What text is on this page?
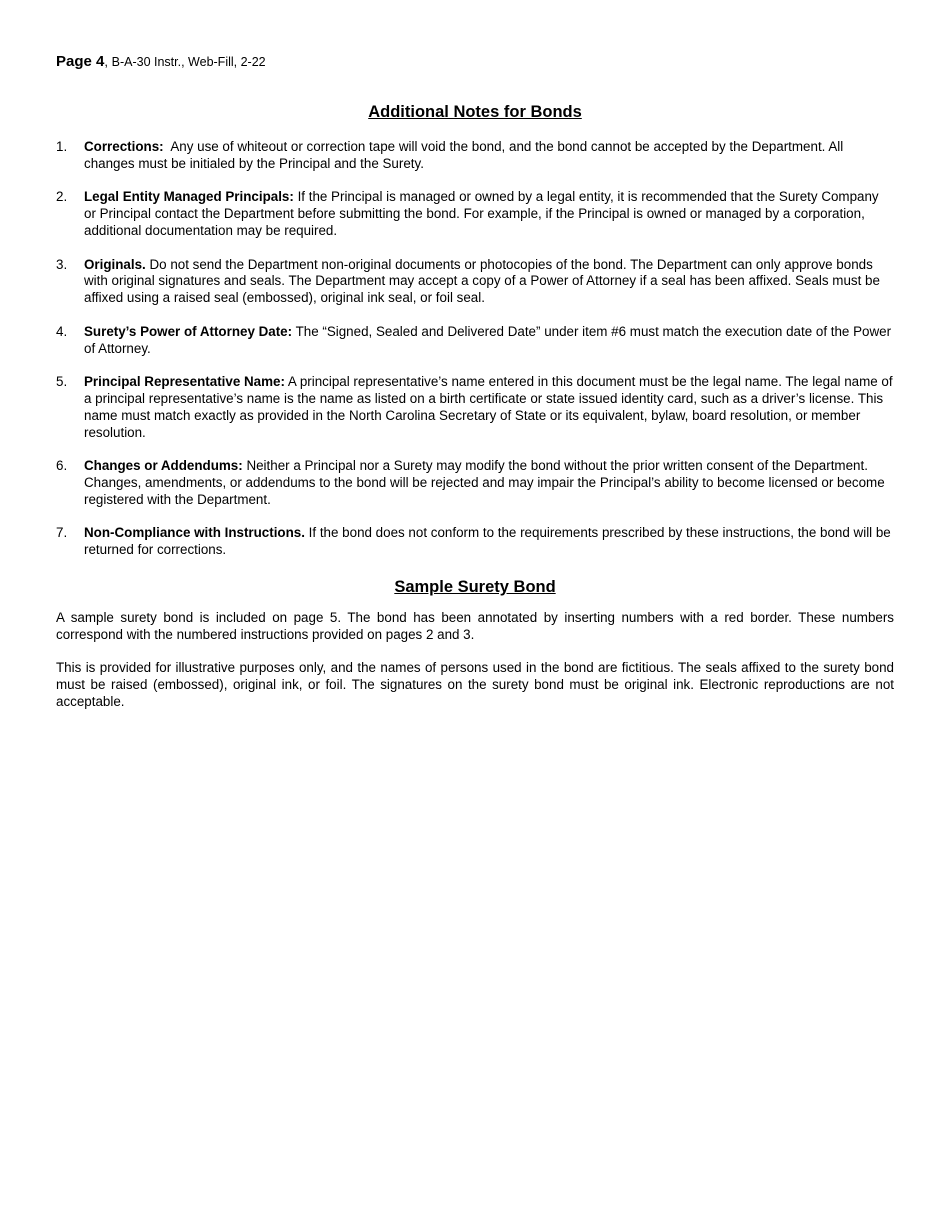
Page 4, B-A-30 Instr., Web-Fill, 2-22

Additional Notes for Bonds
1. Corrections:  Any use of whiteout or correction tape will void the bond, and the bond cannot be accepted by the Department. All changes must be initialed by the Principal and the Surety.
2. Legal Entity Managed Principals: If the Principal is managed or owned by a legal entity, it is recommended that the Surety Company or Principal contact the Department before submitting the bond. For example, if the Principal is owned or managed by a corporation, additional documentation may be required.
3. Originals. Do not send the Department non-original documents or photocopies of the bond. The Department can only approve bonds with original signatures and seals. The Department may accept a copy of a Power of Attorney if a seal has been affixed. Seals must be affixed using a raised seal (embossed), original ink seal, or foil seal.
4. Surety’s Power of Attorney Date: The “Signed, Sealed and Delivered Date” under item #6 must match the execution date of the Power of Attorney.
5. Principal Representative Name: A principal representative’s name entered in this document must be the legal name. The legal name of a principal representative’s name is the name as listed on a birth certificate or state issued identity card, such as a driver’s license. This name must match exactly as provided in the North Carolina Secretary of State or its equivalent, bylaw, board resolution, or member resolution.
6. Changes or Addendums: Neither a Principal nor a Surety may modify the bond without the prior written consent of the Department. Changes, amendments, or addendums to the bond will be rejected and may impair the Principal’s ability to become licensed or become registered with the Department.
7. Non-Compliance with Instructions. If the bond does not conform to the requirements prescribed by these instructions, the bond will be returned for corrections.
Sample Surety Bond

A sample surety bond is included on page 5. The bond has been annotated by inserting numbers with a red border. These numbers correspond with the numbered instructions provided on pages 2 and 3.

This is provided for illustrative purposes only, and the names of persons used in the bond are fictitious. The seals affixed to the surety bond must be raised (embossed), original ink, or foil. The signatures on the surety bond must be original ink. Electronic reproductions are not acceptable.
